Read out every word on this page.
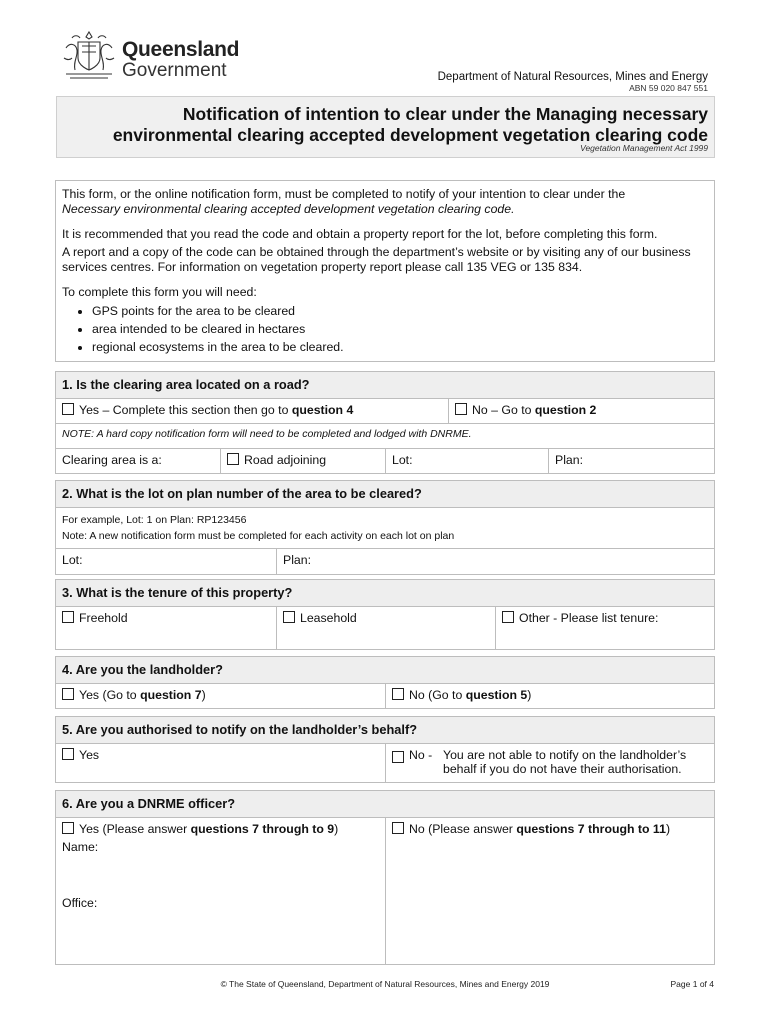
Queensland
Government	Department of Natural Resources, Mines and Energy
ABN 59 020 847 551
Notification of intention to clear under the Managing necessary
environmental clearing accepted development vegetation clearing code
Vegetation Management Act 1999

This form, or the online notification form, must be completed to notify of your intention to clear under the
Necessary environmental clearing accepted development vegetation clearing code.

It is recommended that you read the code and obtain a property report for the lot, before completing this form.

A report and a copy of the code can be obtained through the department’s website or by visiting any of our business services centres. For information on vegetation property report please call 135 VEG or 135 834.

To complete this form you will need:

• GPS points for the area to be cleared
• area intended to be cleared in hectares
• regional ecosystems in the area to be cleared.
1. Is the clearing area located on a road?
Yes – Complete this section then go to question 4	No – Go to question 2
NOTE: A hard copy notification form will need to be completed and lodged with DNRME.
Clearing area is a:	Road adjoining	Lot:	Plan:
2. What is the lot on plan number of the area to be cleared?
For example, Lot: 1 on Plan: RP123456
Note: A new notification form must be completed for each activity on each lot on plan
Lot:	Plan:
3. What is the tenure of this property?
Freehold	Leasehold	Other - Please list tenure:
4. Are you the landholder?
Yes (Go to question 7)	No (Go to question 5)
5. Are you authorised to notify on the landholder’s behalf?
Yes	No - You are not able to notify on the landholder’s
behalf if you do not have their authorisation.
6. Are you a DNRME officer?
Yes (Please answer questions 7 through to 9)
Name:
Office:
No (Please answer questions 7 through to 11)
© The State of Queensland, Department of Natural Resources, Mines and Energy 2019	Page 1 of 4
